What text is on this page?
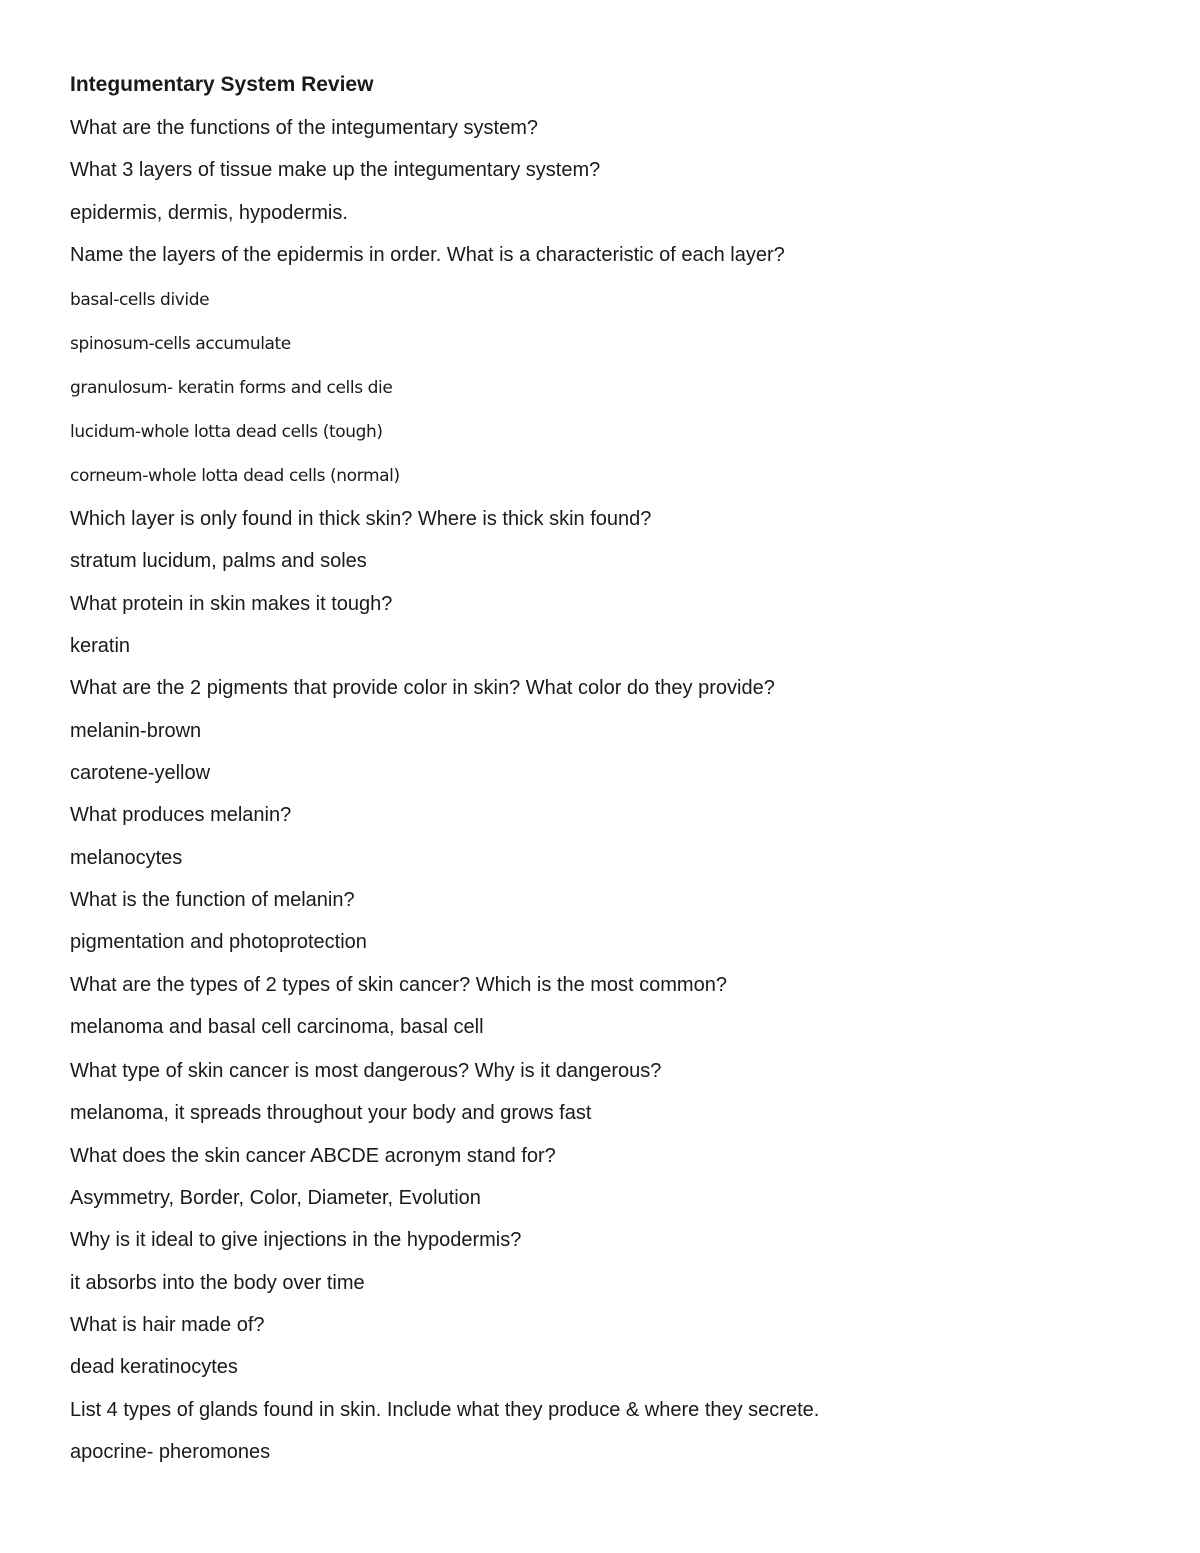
Integumentary System Review
What are the functions of the integumentary system?
What 3 layers of tissue make up the integumentary system?
epidermis, dermis, hypodermis.
Name the layers of the epidermis in order. What is a characteristic of each layer?
basal-cells divide
spinosum-cells accumulate
granulosum- keratin forms and cells die
lucidum-whole lotta dead cells (tough)
corneum-whole lotta dead cells (normal)
Which layer is only found in thick skin? Where is thick skin found?
stratum lucidum, palms and soles
What protein in skin makes it tough?
keratin
What are the 2 pigments that provide color in skin? What color do they provide?
melanin-brown
carotene-yellow
What produces melanin?
melanocytes
What is the function of melanin?
pigmentation and photoprotection
What are the types of 2 types of skin cancer? Which is the most common?
melanoma and basal cell carcinoma, basal cell
What type of skin cancer is most dangerous? Why is it dangerous?
melanoma, it spreads throughout your body and grows fast
What does the skin cancer ABCDE acronym stand for?
Asymmetry, Border, Color, Diameter, Evolution
Why is it ideal to give injections in the hypodermis?
it absorbs into the body over time
What is hair made of?
dead keratinocytes
List 4 types of glands found in skin. Include what they produce & where they secrete.
apocrine- pheromones
